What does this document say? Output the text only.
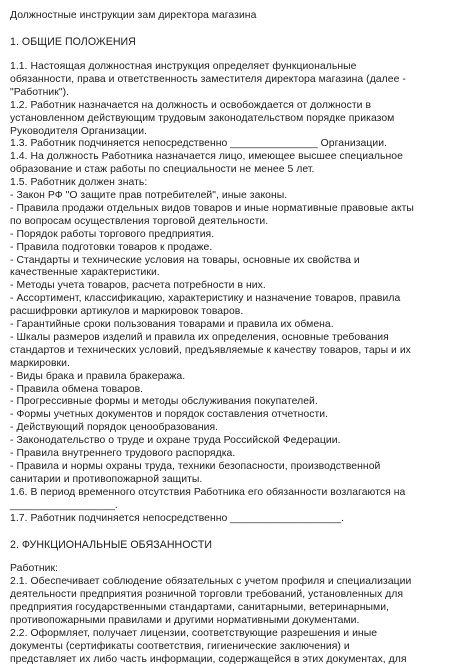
Должностные инструкции зам директора магазина
1. ОБЩИЕ ПОЛОЖЕНИЯ
1.1. Настоящая должностная инструкция определяет функциональные
обязанности, права и ответственность заместителя директора магазина (далее -
"Работник").
1.2. Работник назначается на должность и освобождается от должности в
установленном действующим трудовым законодательством порядке приказом
Руководителя Организации.
1.3. Работник подчиняется непосредственно _______________ Организации.
1.4. На должность Работника назначается лицо, имеющее высшее специальное
образование и стаж работы по специальности не менее 5 лет.
1.5. Работник должен знать:
- Закон РФ "О защите прав потребителей", иные законы.
- Правила продажи отдельных видов товаров и иные нормативные правовые акты
по вопросам осуществления торговой деятельности.
- Порядок работы торгового предприятия.
- Правила подготовки товаров к продаже.
- Стандарты и технические условия на товары, основные их свойства и
качественные характеристики.
- Методы учета товаров, расчета потребности в них.
- Ассортимент, классификацию, характеристику и назначение товаров, правила
расшифровки артикулов и маркировок товаров.
- Гарантийные сроки пользования товарами и правила их обмена.
- Шкалы размеров изделий и правила их определения, основные требования
стандартов и технических условий, предъявляемые к качеству товаров, тары и их
маркировки.
- Виды брака и правила бракеража.
- Правила обмена товаров.
- Прогрессивные формы и методы обслуживания покупателей.
- Формы учетных документов и порядок составления отчетности.
- Действующий порядок ценообразования.
- Законодательство о труде и охране труда Российской Федерации.
- Правила внутреннего трудового распорядка.
- Правила и нормы охраны труда, техники безопасности, производственной
санитарии и противопожарной защиты.
1.6. В период временного отсутствия Работника его обязанности возлагаются на
__________________.
1.7. Работник подчиняется непосредственно ___________________.
2. ФУНКЦИОНАЛЬНЫЕ ОБЯЗАННОСТИ
Работник:
2.1. Обеспечивает соблюдение обязательных с учетом профиля и специализации
деятельности предприятия розничной торговли требований, установленных для
предприятия государственными стандартами, санитарными, ветеринарными,
противопожарными правилами и другими нормативными документами.
2.2. Оформляет, получает лицензии, соответствующие разрешения и иные
документы (сертификаты соответствия, гигиенические заключения) и
представляет их либо часть информации, содержащейся в этих документах, для
